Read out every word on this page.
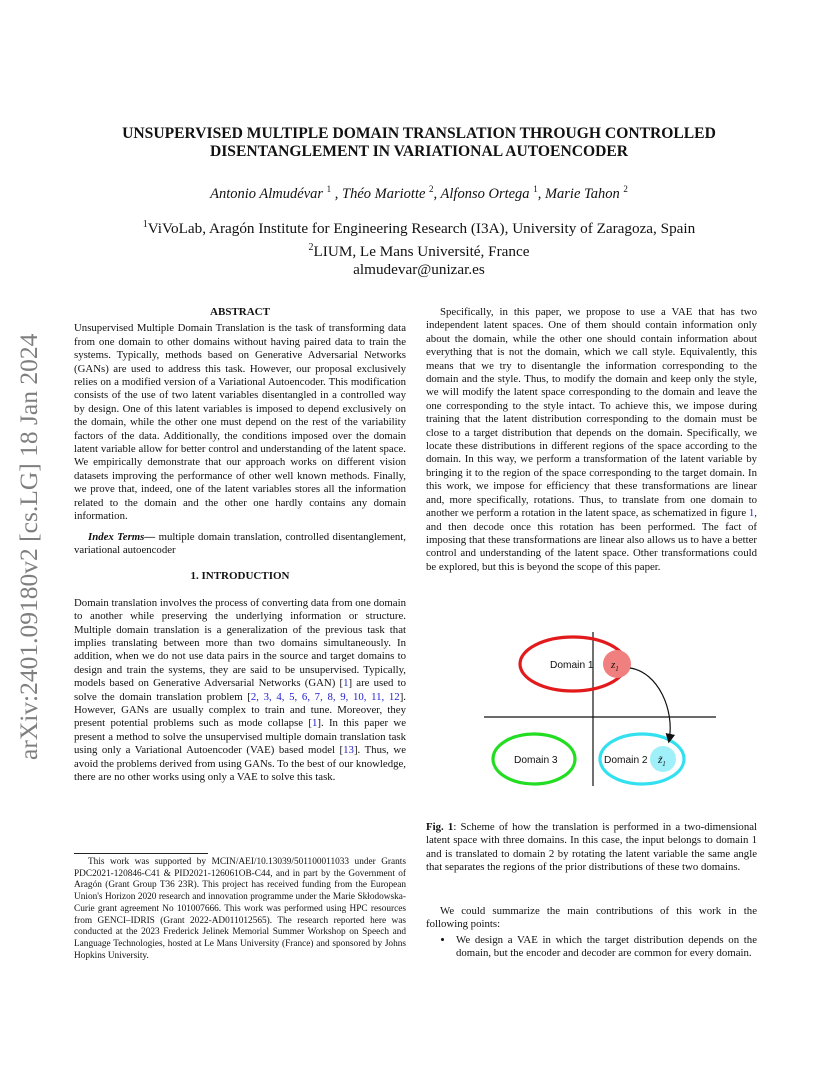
arXiv:2401.09180v2 [cs.LG] 18 Jan 2024
UNSUPERVISED MULTIPLE DOMAIN TRANSLATION THROUGH CONTROLLED
DISENTANGLEMENT IN VARIATIONAL AUTOENCODER
Antonio Almudévar $^1$ , Théo Mariotte $^2$, Alfonso Ortega $^1$, Marie Tahon $^2$
$^1$ViVoLab, Aragón Institute for Engineering Research (I3A), University of Zaragoza, Spain
$^2$LIUM, Le Mans Université, France
almudevar@unizar.es

ABSTRACT

Unsupervised Multiple Domain Translation is the task of transforming data from one domain to other domains without having paired data to train the systems. Typically, methods based on Generative Adversarial Networks (GANs) are used to address this task. However, our proposal exclusively relies on a modified version of a Variational Autoencoder. This modification consists of the use of two latent variables disentangled in a controlled way by design. One of this latent variables is imposed to depend exclusively on the domain, while the other one must depend on the rest of the variability factors of the data. Additionally, the conditions imposed over the domain latent variable allow for better control and understanding of the latent space. We empirically demonstrate that our approach works on different vision datasets improving the performance of other well known methods. Finally, we prove that, indeed, one of the latent variables stores all the information related to the domain and the other one hardly contains any domain information.

Index Terms— multiple domain translation, controlled disentanglement, variational autoencoder

1. INTRODUCTION

Domain translation involves the process of converting data from one domain to another while preserving the underlying information or structure. Multiple domain translation is a generalization of the previous task that implies translating between more than two domains simultaneously. In addition, when we do not use data pairs in the source and target domains to design and train the systems, they are said to be unsupervised. Typically, models based on Generative Adversarial Networks (GAN) [1] are used to solve the domain translation problem [2, 3, 4, 5, 6, 7, 8, 9, 10, 11, 12]. However, GANs are usually complex to train and tune. Moreover, they present potential problems such as mode collapse [1]. In this paper we present a method to solve the unsupervised multiple domain translation task using only a Variational Autoencoder (VAE) based model [13]. Thus, we avoid the problems derived from using GANs. To the best of our knowledge, there are no other works using only a VAE to solve this task.

This work was supported by MCIN/AEI/10.13039/501100011033 under Grants PDC2021-120846-C41 & PID2021-126061OB-C44, and in part by the Government of Aragón (Grant Group T36 23R). This project has received funding from the European Union's Horizon 2020 research and innovation programme under the Marie Skłodowska-Curie grant agreement No 101007666. This work was performed using HPC resources from GENCI–IDRIS (Grant 2022-AD011012565). The research reported here was conducted at the 2023 Frederick Jelinek Memorial Summer Workshop on Speech and Language Technologies, hosted at Le Mans University (France) and sponsored by Johns Hopkins University.

Specifically, in this paper, we propose to use a VAE that has two independent latent spaces. One of them should contain information only about the domain, while the other one should contain information about everything that is not the domain, which we call style. Equivalently, this means that we try to disentangle the information corresponding to the domain and the style. Thus, to modify the domain and keep only the style, we will modify the latent space corresponding to the domain and leave the one corresponding to the style intact. To achieve this, we impose during training that the latent distribution corresponding to the domain must be close to a target distribution that depends on the domain. Specifically, we locate these distributions in different regions of the space according to the domain. In this way, we perform a transformation of the latent variable by bringing it to the region of the space corresponding to the target domain. In this work, we impose for efficiency that these transformations are linear and, more specifically, rotations. Thus, to translate from one domain to another we perform a rotation in the latent space, as schematized in figure 1, and then decode once this rotation has been performed. The fact of imposing that these transformations are linear also allows us to have a better control and understanding of the latent space. Other transformations could be explored, but this is beyond the scope of this paper.

Domain 1 $z_1$
Domain 3	Domain 2 $z̃_1$
Fig. 1: Scheme of how the translation is performed in a two-dimensional latent space with three domains. In this case, the input belongs to domain 1 and is translated to domain 2 by rotating the latent variable the same angle that separates the regions of the prior distributions of these two domains.

We could summarize the main contributions of this work in the following points:

• We design a VAE in which the target distribution depends on the domain, but the encoder and decoder are common for every domain.
